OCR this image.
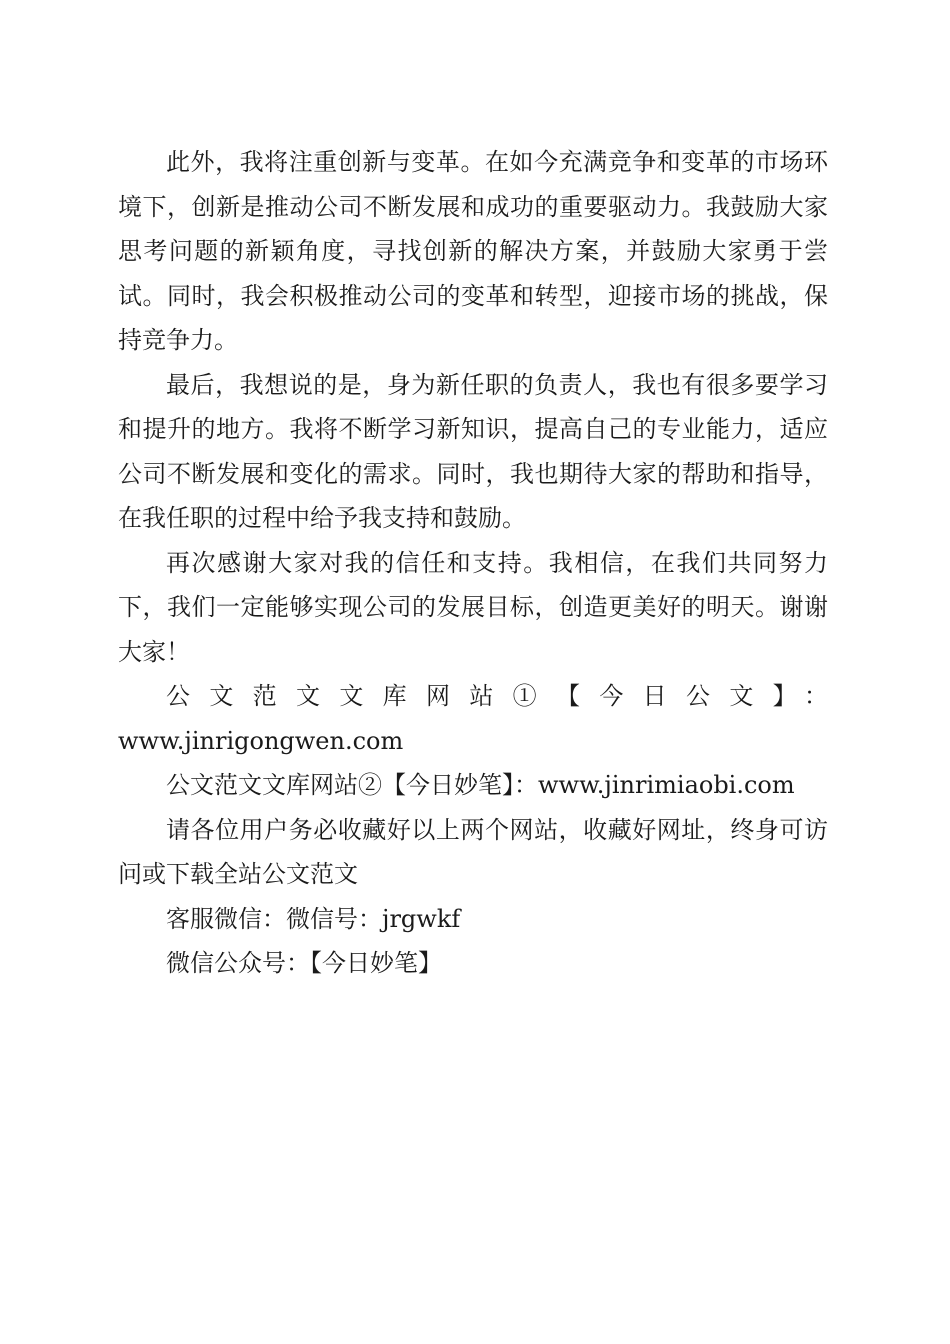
此外，我将注重创新与变革。在如今充满竞争和变革的市场环境下，创新是推动公司不断发展和成功的重要驱动力。我鼓励大家思考问题的新颖角度，寻找创新的解决方案，并鼓励大家勇于尝试。同时，我会积极推动公司的变革和转型，迎接市场的挑战，保持竞争力。

最后，我想说的是，身为新任职的负责人，我也有很多要学习和提升的地方。我将不断学习新知识，提高自己的专业能力，适应公司不断发展和变化的需求。同时，我也期待大家的帮助和指导，在我任职的过程中给予我支持和鼓励。

再次感谢大家对我的信任和支持。我相信，在我们共同努力下，我们一定能够实现公司的发展目标，创造更美好的明天。谢谢大家！

公文范文文库网站①【今日公文】：

www.jinrigongwen.com

公文范文文库网站②【今日妙笔】：www.jinrimiaobi.com

请各位用户务必收藏好以上两个网站，收藏好网址，终身可访问或下载全站公文范文

客服微信：微信号：jrgwkf

微信公众号：【今日妙笔】
